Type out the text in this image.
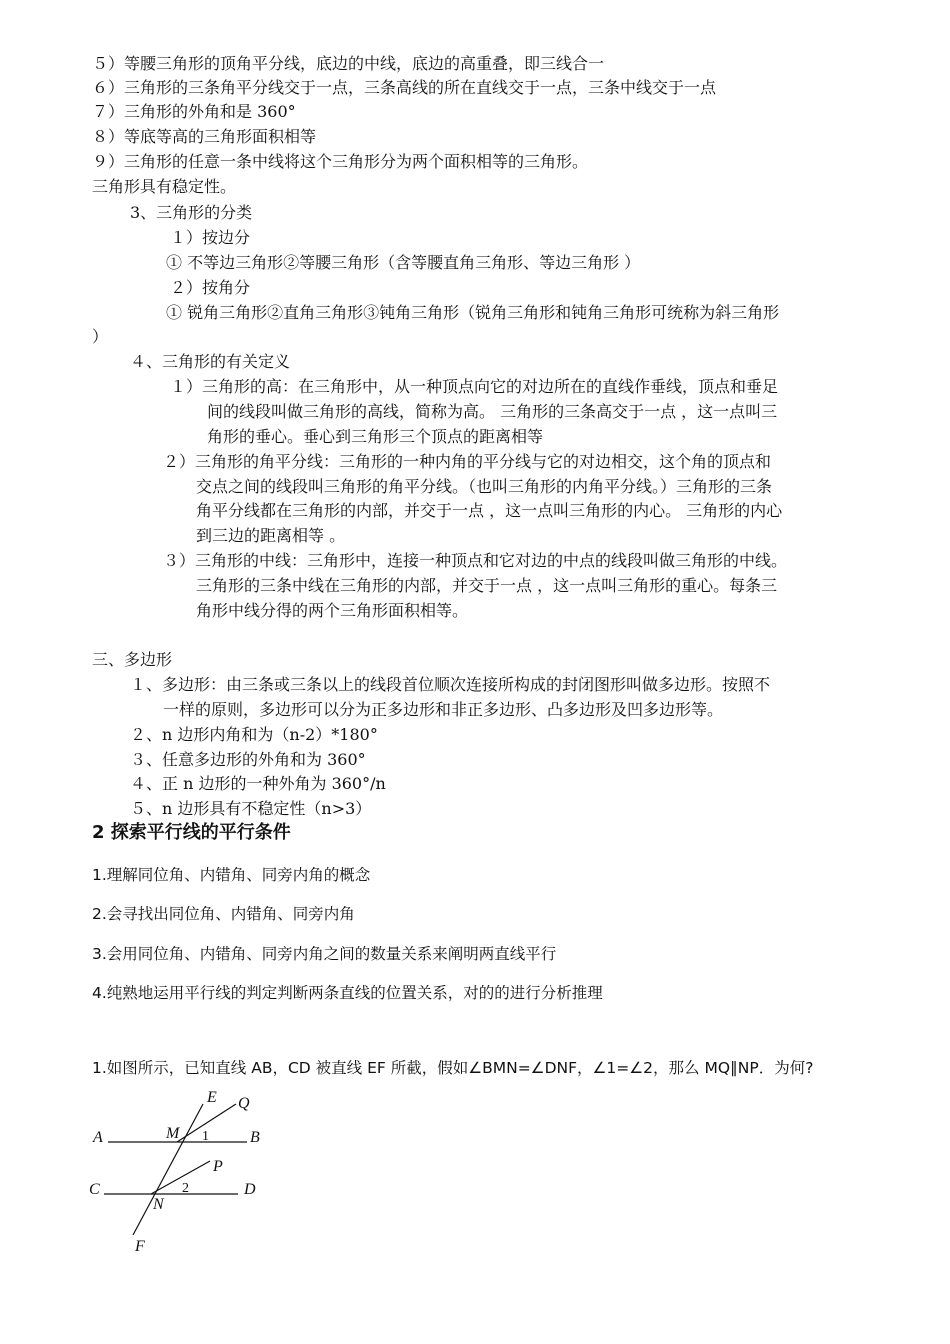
５）等腰三角形的顶角平分线，底边的中线，底边的高重叠，即三线合一
６）三角形的三条角平分线交于一点，三条高线的所在直线交于一点，三条中线交于一点
７）三角形的外角和是 360°
８）等底等高的三角形面积相等
９）三角形的任意一条中线将这个三角形分为两个面积相等的三角形。
三角形具有稳定性。
3、三角形的分类
１）按边分
① 不等边三角形②等腰三角形（含等腰直角三角形、等边三角形 ）
２）按角分
① 锐角三角形②直角三角形③钝角三角形（锐角三角形和钝角三角形可统称为斜三角形
）
４、三角形的有关定义
１）三角形的高：在三角形中，从一种顶点向它的对边所在的直线作垂线，顶点和垂足
间的线段叫做三角形的高线，简称为高。 三角形的三条高交于一点 ，这一点叫三
角形的垂心。垂心到三角形三个顶点的距离相等
２）三角形的角平分线：三角形的一种内角的平分线与它的对边相交，这个角的顶点和
交点之间的线段叫三角形的角平分线。（也叫三角形的内角平分线。）三角形的三条
角平分线都在三角形的内部，并交于一点 ，这一点叫三角形的内心。 三角形的内心
到三边的距离相等 。
３）三角形的中线：三角形中，连接一种顶点和它对边的中点的线段叫做三角形的中线。
三角形的三条中线在三角形的内部，并交于一点 ，这一点叫三角形的重心。每条三
角形中线分得的两个三角形面积相等。
三、多边形
１、多边形：由三条或三条以上的线段首位顺次连接所构成的封闭图形叫做多边形。按照不
一样的原则，多边形可以分为正多边形和非正多边形、凸多边形及凹多边形等。
２、n 边形内角和为（n-2）*180°
３、任意多边形的外角和为 360°
４、正 n 边形的一种外角为 360°/n
５、n 边形具有不稳定性（n>3）
2 探索平行线的平行条件
1.理解同位角、内错角、同旁内角的概念
2.会寻找出同位角、内错角、同旁内角
3.会用同位角、内错角、同旁内角之间的数量关系来阐明两直线平行
4.纯熟地运用平行线的判定判断两条直线的位置关系，对的的进行分析推理
1.如图所示，已知直线 AB，CD 被直线 EF 所截，假如∠BMN=∠DNF，∠1=∠2，那么 MQ∥NP．为何?
E Q
A	M 1	B
P
C	2	D
N
F
